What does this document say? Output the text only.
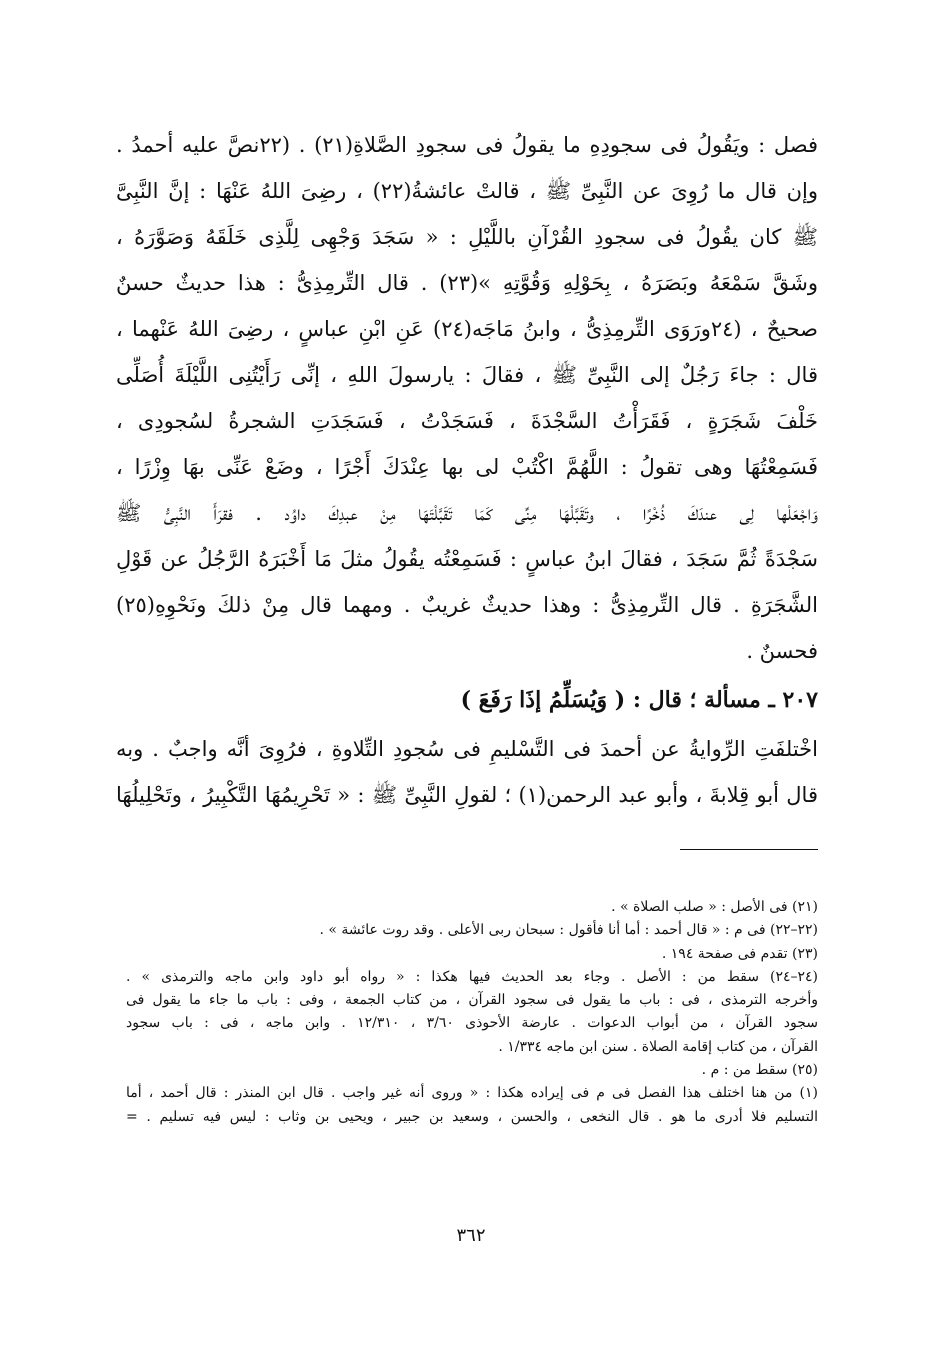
فصل : ويَقُولُ فى سجودِهِ ما يقولُ فى سجودِ الصَّلاةِ(٢١) . (٢٢نصَّ عليه أحمدُ .
وإن قال ما رُوِىَ عن النَّبِىِّ ﷺ ، قالتْ عائشةُ(٢٢) ، رضِىَ اللهُ عَنْهَا : إنَّ النَّبِىَّ
ﷺ كان يقُولُ فى سجودِ القُرْآنِ باللَّيْلِ : « سَجَدَ وَجْهِى لِلَّذِى خَلَقَهُ وَصَوَّرَهُ ،
وشَقَّ سَمْعَهُ وبَصَرَهُ ، بِحَوْلِهِ وَقُوَّتِهِ »(٢٣) . قال التِّرمِذِىُّ : هذا حديثٌ حسنٌ
صحيحٌ ، (٢٤ورَوَى التِّرمِذِىُّ ، وابنُ مَاجَه(٢٤) عَنِ ابْنِ عباسٍ ، رضِىَ اللهُ عَنْهما ،
قال : جاءَ رَجُلٌ إلى النَّبِىِّ ﷺ ، فقالَ : يارسولَ اللهِ ، إنِّى رَأَيْتُنِى اللَّيْلَةَ أُصَلِّى
خَلْفَ شَجَرَةٍ ، فَقَرَأْتُ السَّجْدَةَ ، فَسَجَدْتُ ، فَسَجَدَتِ الشجرةُ لسُجودِى ،
فَسَمِعْتُهَا وهى تقولُ : اللَّهُمَّ اكْتُبْ لى بها عِنْدَكَ أَجْرًا ، وضَعْ عَنِّى بهَا وِزْرًا ،
وَاجْعَلْها لِى عندَكَ ذُخْرًا ، وتَقَبَّلْهَا مِنِّى كَمَا تَقَبَّلْتَهَا مِنْ عبدِكَ داوُد . فقرَأَ النَّبِىُّ ﷺ
سَجْدَةً ثُمَّ سَجَدَ ، فقالَ ابنُ عباسٍ : فَسَمِعْتُه يقُولُ مثلَ مَا أَخْبَرَهُ الرَّجُلُ عن قَوْلِ
الشَّجَرَةِ . قال التِّرمِذِىُّ : وهذا حديثٌ غريبٌ . ومهما قال مِنْ ذلكَ ونَحْوِهِ(٢٥)
فحسنٌ .
٢٠٧ ـ مسألة ؛ قال : ( وَيُسَلِّمُ إذَا رَفَعَ )
اخْتلفَتِ الرِّوايةُ عن أحمدَ فى التَّسْليمِ فى سُجودِ التِّلاوةِ ، فرُوِىَ أنَّه واجبٌ . وبه
قال أبو قِلابةَ ، وأبو عبد الرحمن(١) ؛ لقولِ النَّبِىِّ ﷺ : « تَحْرِيمُهَا التَّكْبِيرُ ، وتَحْلِيلُهَا
(٢١) فى الأصل : « صلب الصلاة » .
(٢٢–٢٢) فى م : « قال أحمد : أما أنا فأقول : سبحان ربى الأعلى . وقد روت عائشة » .
(٢٣) تقدم فى صفحة ١٩٤ .
(٢٤–٢٤) سقط من : الأصل . وجاء بعد الحديث فيها هكذا : « رواه أبو داود وابن ماجه والترمذى » .
وأخرجه الترمذى ، فى : باب ما يقول فى سجود القرآن ، من كتاب الجمعة ، وفى : باب ما جاء ما يقول فى
سجود القرآن ، من أبواب الدعوات . عارضة الأحوذى ٣/٦٠ ، ١٢/٣١٠ . وابن ماجه ، فى : باب سجود
القرآن ، من كتاب إقامة الصلاة . سنن ابن ماجه ١/٣٣٤ .
(٢٥) سقط من : م .
(١) من هنا اختلف هذا الفصل فى م فى إيراده هكذا : « وروى أنه غير واجب . قال ابن المنذر : قال أحمد ، أما
التسليم فلا أدرى ما هو . قال النخعى ، والحسن ، وسعيد بن جبير ، ويحيى بن وثاب : ليس فيه تسليم . =
٣٦٢
